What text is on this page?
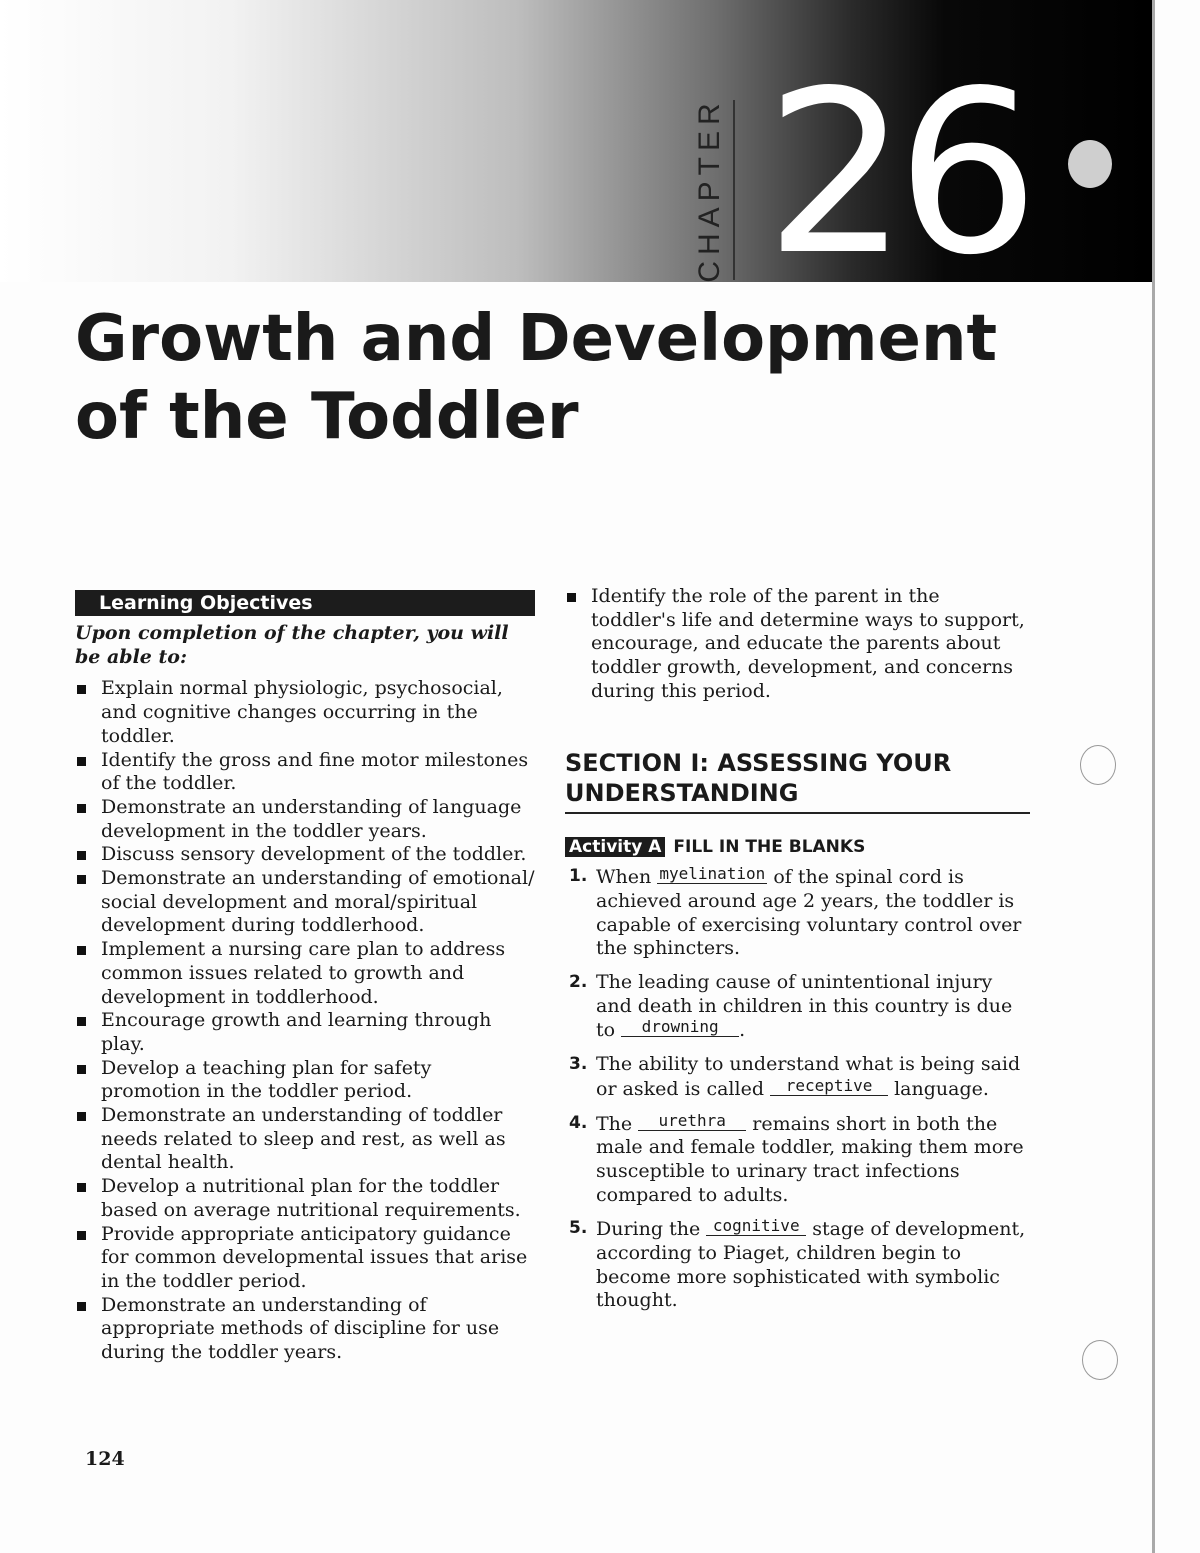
CHAPTER 26
Growth and Development
of the Toddler
Learning Objectives
Upon completion of the chapter, you will be able to:
Explain normal physiologic, psychosocial, and cognitive changes occurring in the toddler.
Identify the gross and fine motor milestones of the toddler.
Demonstrate an understanding of language development in the toddler years.
Discuss sensory development of the toddler.
Demonstrate an understanding of emotional/ social development and moral/spiritual development during toddlerhood.
Implement a nursing care plan to address common issues related to growth and development in toddlerhood.
Encourage growth and learning through play.
Develop a teaching plan for safety promotion in the toddler period.
Demonstrate an understanding of toddler needs related to sleep and rest, as well as dental health.
Develop a nutritional plan for the toddler based on average nutritional requirements.
Provide appropriate anticipatory guidance for common developmental issues that arise in the toddler period.
Demonstrate an understanding of appropriate methods of discipline for use during the toddler years.
Identify the role of the parent in the toddler's life and determine ways to support, encourage, and educate the parents about toddler growth, development, and concerns during this period.
SECTION I: ASSESSING YOUR UNDERSTANDING
Activity A FILL IN THE BLANKS
1. When myelination of the spinal cord is achieved around age 2 years, the toddler is capable of exercising voluntary control over the sphincters.
2. The leading cause of unintentional injury and death in children in this country is due to drowning .
3. The ability to understand what is being said or asked is called receptive language.
4. The urethra remains short in both the male and female toddler, making them more susceptible to urinary tract infections compared to adults.
5. During the cognitive stage of development, according to Piaget, children begin to become more sophisticated with symbolic thought.
124
